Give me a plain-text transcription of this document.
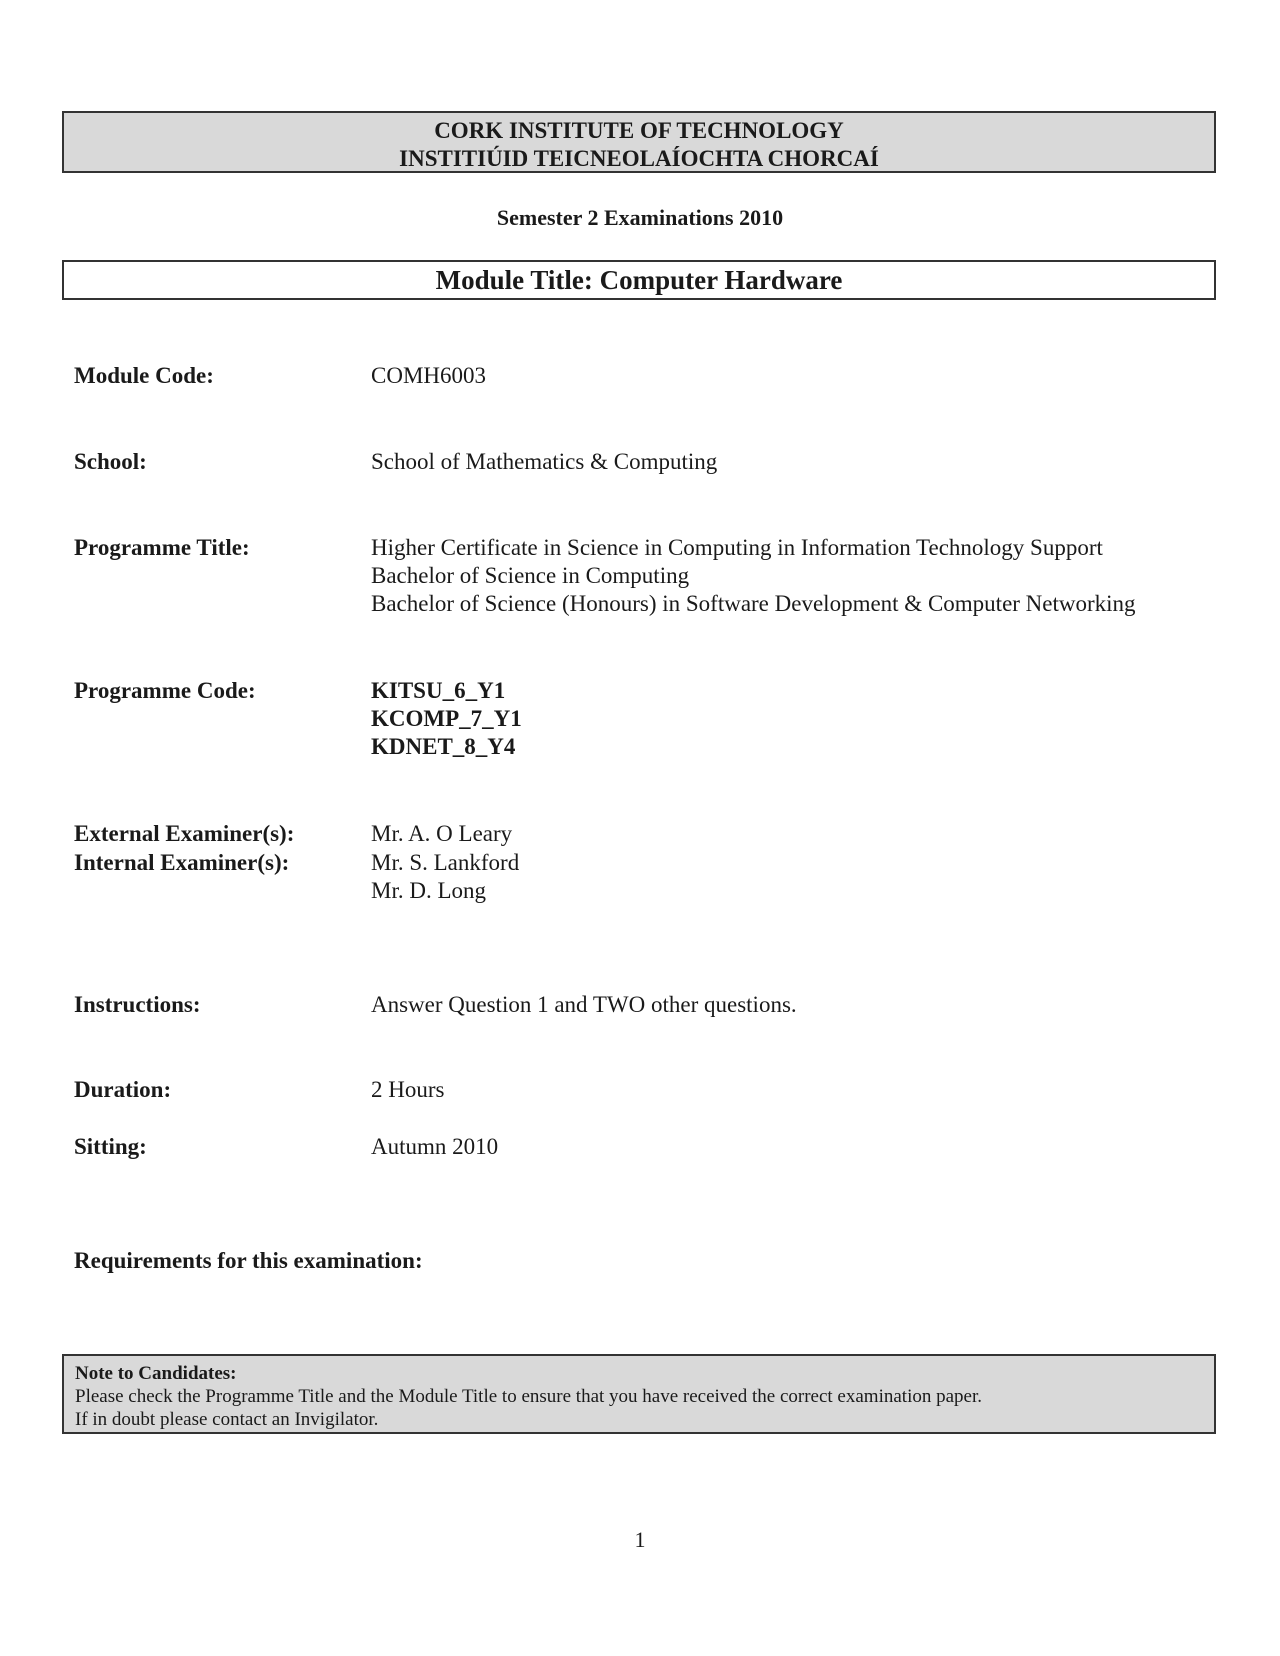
CORK INSTITUTE OF TECHNOLOGY
INSTITIÚID TEICNEOLAÍOCHTA CHORCAÍ
Semester 2 Examinations 2010
Module Title: Computer Hardware
Module Code:	COMH6003
School:	School of Mathematics & Computing
Programme Title:	Higher Certificate in Science in Computing in Information Technology Support
Bachelor of Science in Computing
Bachelor of Science (Honours) in Software Development & Computer Networking
Programme Code:	KITSU_6_Y1
KCOMP_7_Y1
KDNET_8_Y4
External Examiner(s):	Mr. A. O Leary
Internal Examiner(s):	Mr. S. Lankford
Mr. D. Long
Instructions:	Answer Question 1 and TWO other questions.
Duration:	2 Hours
Sitting:	Autumn 2010
Requirements for this examination:
Note to Candidates:
Please check the Programme Title and the Module Title to ensure that you have received the correct examination paper.
If in doubt please contact an Invigilator.
1
